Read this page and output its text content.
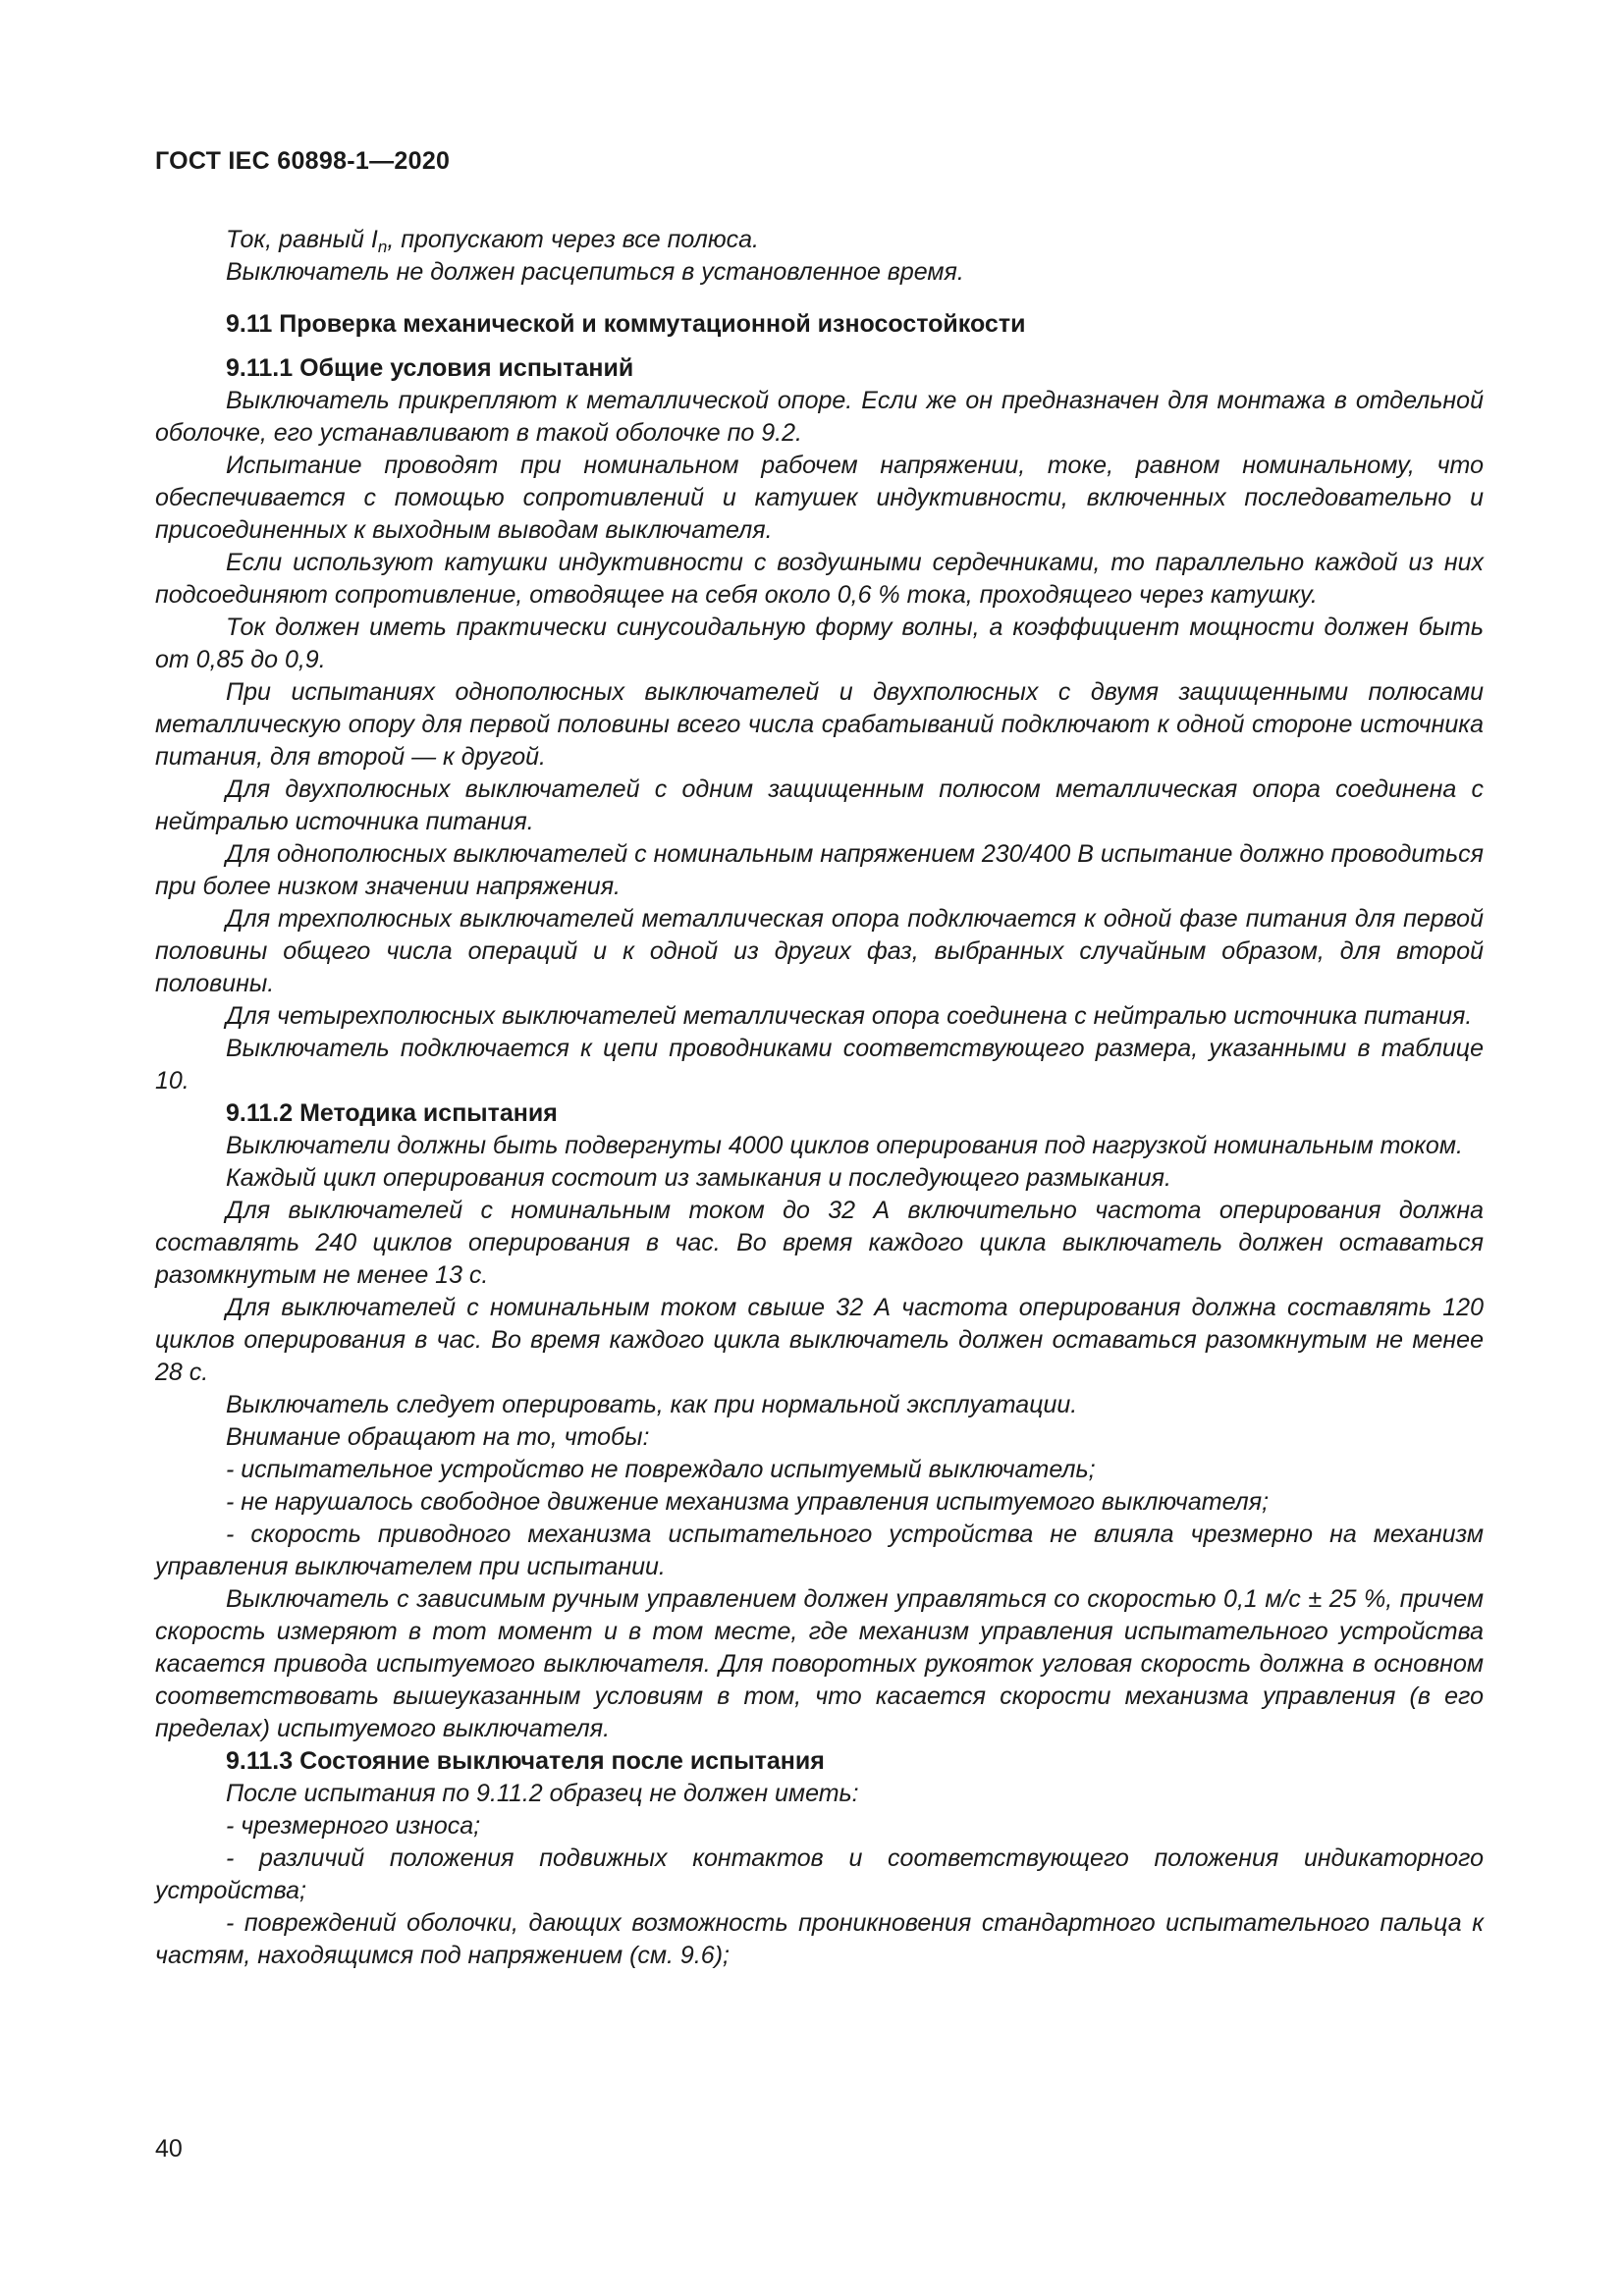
ГОСТ IEC 60898-1—2020

Ток, равный $I_n$, пропускают через все полюса.

Выключатель не должен расцепиться в установленное время.

9.11 Проверка механической и коммутационной износостойкости

9.11.1 Общие условия испытаний

Выключатель прикрепляют к металлической опоре. Если же он предназначен для монтажа в отдельной оболочке, его устанавливают в такой оболочке по 9.2.

Испытание проводят при номинальном рабочем напряжении, токе, равном номинальному, что обеспечивается с помощью сопротивлений и катушек индуктивности, включенных последовательно и присоединенных к выходным выводам выключателя.

Если используют катушки индуктивности с воздушными сердечниками, то параллельно каждой из них подсоединяют сопротивление, отводящее на себя около 0,6 % тока, проходящего через катушку.

Ток должен иметь практически синусоидальную форму волны, а коэффициент мощности должен быть от 0,85 до 0,9.

При испытаниях однополюсных выключателей и двухполюсных с двумя защищенными полюсами металлическую опору для первой половины всего числа срабатываний подключают к одной стороне источника питания, для второй — к другой.

Для двухполюсных выключателей с одним защищенным полюсом металлическая опора соединена с нейтралью источника питания.

Для однополюсных выключателей с номинальным напряжением 230/400 В испытание должно проводиться при более низком значении напряжения.

Для трехполюсных выключателей металлическая опора подключается к одной фазе питания для первой половины общего числа операций и к одной из других фаз, выбранных случайным образом, для второй половины.

Для четырехполюсных выключателей металлическая опора соединена с нейтралью источника питания.

Выключатель подключается к цепи проводниками соответствующего размера, указанными в таблице 10.

9.11.2 Методика испытания

Выключатели должны быть подвергнуты 4000 циклов оперирования под нагрузкой номинальным током.

Каждый цикл оперирования состоит из замыкания и последующего размыкания.

Для выключателей с номинальным током до 32 А включительно частота оперирования должна составлять 240 циклов оперирования в час. Во время каждого цикла выключатель должен оставаться разомкнутым не менее 13 с.

Для выключателей с номинальным током свыше 32 А частота оперирования должна составлять 120 циклов оперирования в час. Во время каждого цикла выключатель должен оставаться разомкнутым не менее 28 с.

Выключатель следует оперировать, как при нормальной эксплуатации.

Внимание обращают на то, чтобы:

- испытательное устройство не повреждало испытуемый выключатель;

- не нарушалось свободное движение механизма управления испытуемого выключателя;

- скорость приводного механизма испытательного устройства не влияла чрезмерно на механизм управления выключателем при испытании.

Выключатель с зависимым ручным управлением должен управляться со скоростью 0,1 м/с ± 25 %, причем скорость измеряют в тот момент и в том месте, где механизм управления испытательного устройства касается привода испытуемого выключателя. Для поворотных рукояток угловая скорость должна в основном соответствовать вышеуказанным условиям в том, что касается скорости механизма управления (в его пределах) испытуемого выключателя.

9.11.3 Состояние выключателя после испытания

После испытания по 9.11.2 образец не должен иметь:

- чрезмерного износа;

- различий положения подвижных контактов и соответствующего положения индикаторного устройства;

- повреждений оболочки, дающих возможность проникновения стандартного испытательного пальца к частям, находящимся под напряжением (см. 9.6);

40
